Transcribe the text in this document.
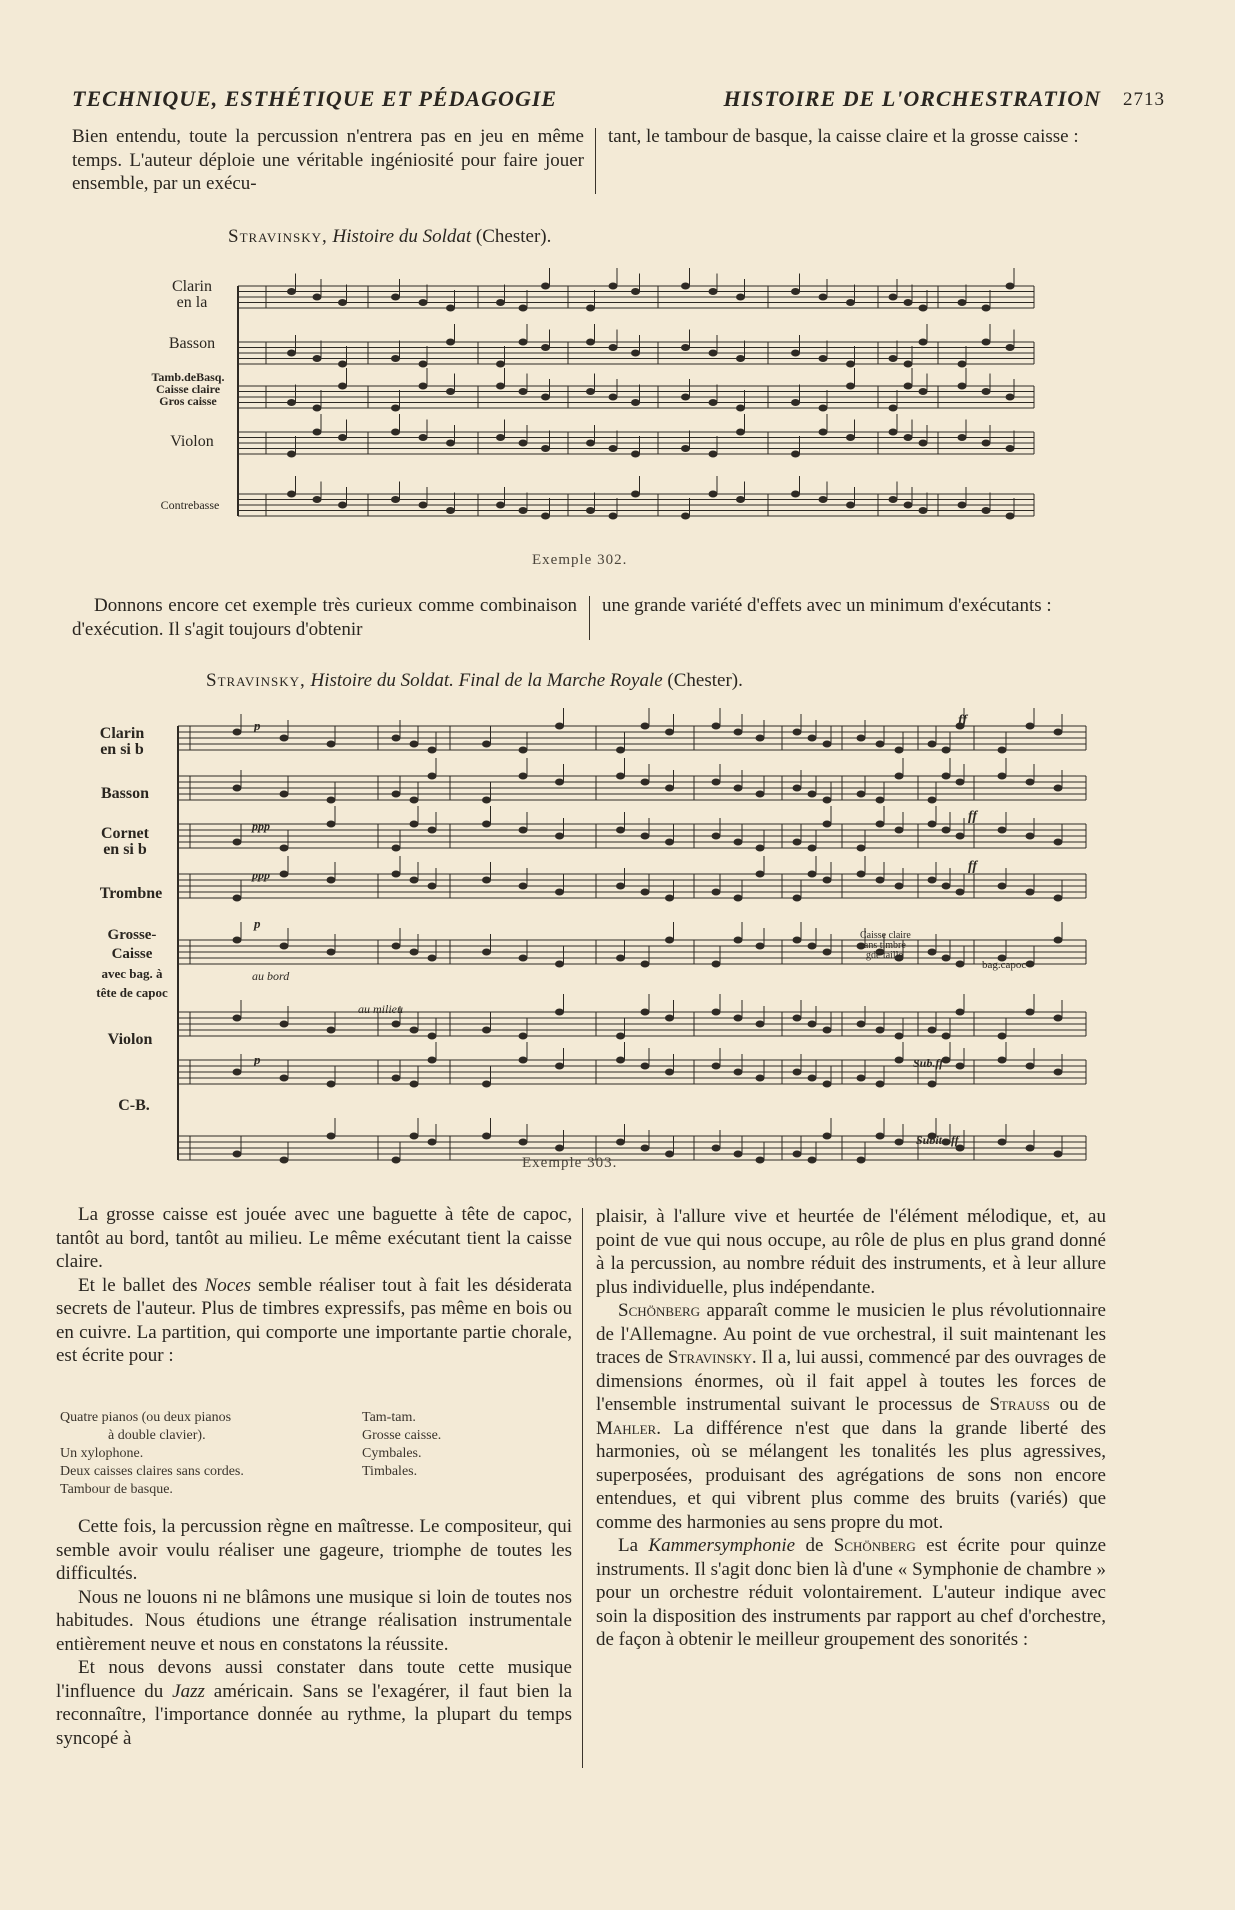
TECHNIQUE, ESTHÉTIQUE ET PÉDAGOGIE	HISTOIRE DE L'ORCHESTRATION 2713

Bien entendu, toute la percussion n'entrera pas en jeu en même temps. L'auteur déploie une véritable ingéniosité pour faire jouer ensemble, par un exécu-

tant, le tambour de basque, la caisse claire et la grosse caisse :

Stravinsky, Histoire du Soldat (Chester).
Clarin
en la
Basson
Tamb.deBasq.
Caisse claire
Gros caisse
Violon
Contrebasse
Exemple 302.

Donnons encore cet exemple très curieux comme combinaison d'exécution. Il s'agit toujours d'obtenir

une grande variété d'effets avec un minimum d'exécutants :

Stravinsky, Histoire du Soldat. Final de la Marche Royale (Chester).
Clarin
en si b
Basson
Cornet
en si b
Trombne
Grosse-
Caisse
avec bag. à
tête de capoc
Violon
C-B.
au bord
au milieu
Caisse claire
sans timbre
gde taille
bag.capoc
Sub.ff
Subito ff
ff
ff
ff
p
p
p
ppp
ppp
Exemple 303.

La grosse caisse est jouée avec une baguette à tête de capoc, tantôt au bord, tantôt au milieu. Le même exécutant tient la caisse claire.

Et le ballet des Noces semble réaliser tout à fait les désiderata secrets de l'auteur. Plus de timbres expressifs, pas même en bois ou en cuivre. La partition, qui comporte une importante partie chorale, est écrite pour :

Quatre pianos (ou deux pianos
à double clavier).
Un xylophone.
Deux caisses claires sans cordes.
Tambour de basque.
Tam-tam.
Grosse caisse.
Cymbales.
Timbales.

Cette fois, la percussion règne en maîtresse. Le compositeur, qui semble avoir voulu réaliser une gageure, triomphe de toutes les difficultés.

Nous ne louons ni ne blâmons une musique si loin de toutes nos habitudes. Nous étudions une étrange réalisation instrumentale entièrement neuve et nous en constatons la réussite.

Et nous devons aussi constater dans toute cette musique l'influence du Jazz américain. Sans se l'exagérer, il faut bien la reconnaître, l'importance donnée au rythme, la plupart du temps syncopé à

plaisir, à l'allure vive et heurtée de l'élément mélodique, et, au point de vue qui nous occupe, au rôle de plus en plus grand donné à la percussion, au nombre réduit des instruments, et à leur allure plus individuelle, plus indépendante.

Schönberg apparaît comme le musicien le plus révolutionnaire de l'Allemagne. Au point de vue orchestral, il suit maintenant les traces de Stravinsky. Il a, lui aussi, commencé par des ouvrages de dimensions énormes, où il fait appel à toutes les forces de l'ensemble instrumental suivant le processus de Strauss ou de Mahler. La différence n'est que dans la grande liberté des harmonies, où se mélangent les tonalités les plus agressives, superposées, produisant des agrégations de sons non encore entendues, et qui vibrent plus comme des bruits (variés) que comme des harmonies au sens propre du mot.

La Kammersymphonie de Schönberg est écrite pour quinze instruments. Il s'agit donc bien là d'une « Symphonie de chambre » pour un orchestre réduit volontairement. L'auteur indique avec soin la disposition des instruments par rapport au chef d'orchestre, de façon à obtenir le meilleur groupement des sonorités :
